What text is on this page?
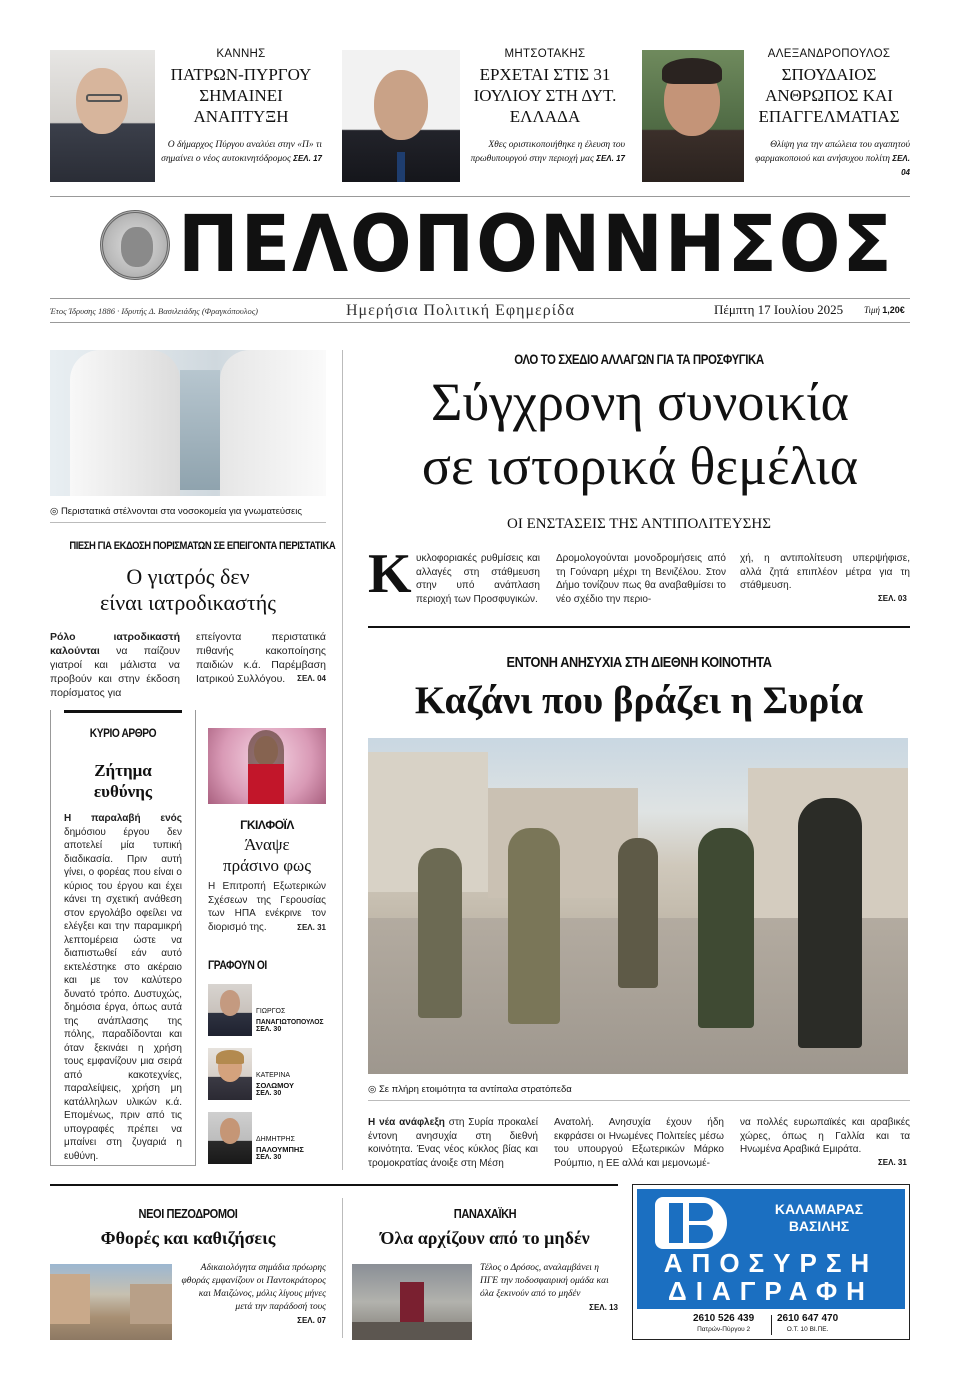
ΚΑΝΝΗΣ
ΠΑΤΡΩΝ-ΠΥΡΓΟΥ ΣΗΜΑΙΝΕΙ ΑΝΑΠΤΥΞΗ
Ο δήμαρχος Πύργου αναλύει στην «Π» τι σημαίνει ο νέος αυτοκινητόδρομος ΣΕΛ. 17
ΜΗΤΣΟΤΑΚΗΣ
ΕΡΧΕΤΑΙ ΣΤΙΣ 31 ΙΟΥΛΙΟΥ ΣΤΗ ΔΥΤ. ΕΛΛΑΔΑ
Χθες οριστικοποιήθηκε η έλευση του πρωθυπουργού στην περιοχή μας ΣΕΛ. 17
ΑΛΕΞΑΝΔΡΟΠΟΥΛΟΣ
ΣΠΟΥΔΑΙΟΣ ΑΝΘΡΩΠΟΣ ΚΑΙ ΕΠΑΓΓΕΛΜΑΤΙΑΣ
Θλίψη για την απώλεια του αγαπητού φαρμακοποιού και ανήσυχου πολίτη ΣΕΛ. 04
ΠΕΛΟΠΟΝΝΗΣΟΣ
Έτος Ίδρυσης 1886 · Ιδρυτής Δ. Βασιλειάδης (Φραγκόπουλος)	Ημερήσια Πολιτική Εφημερίδα	Πέμπτη 17 Ιουλίου 2025 Τιμή 1,20€
◎ Περιστατικά στέλνονται στα νοσοκομεία για γνωματεύσεις
ΠΙΕΣΗ ΓΙΑ ΕΚΔΟΣΗ ΠΟΡΙΣΜΑΤΩΝ ΣΕ ΕΠΕΙΓΟΝΤΑ ΠΕΡΙΣΤΑΤΙΚΑ
Ο γιατρός δεν
είναι ιατροδικαστής
Ρόλο ιατροδικαστή καλούνται να παίζουν γιατροί και μάλιστα να προβούν και στην έκδοση πορίσματος για
επείγοντα περιστατικά πιθανής κακοποίησης παιδιών κ.ά. Παρέμβαση Ιατρικού Συλλόγου. ΣΕΛ. 04
ΚΥΡΙΟ ΑΡΘΡΟ
Ζήτημα
ευθύνης
Η παραλαβή ενός δημόσιου έργου δεν αποτελεί μία τυπική διαδικασία. Πριν αυτή γίνει, ο φορέας που είναι ο κύριος του έργου και έχει κάνει τη σχετική ανάθεση στον εργολάβο οφείλει να ελέγξει και την παραμικρή λεπτομέρεια ώστε να διαπιστωθεί εάν αυτό εκτελέστηκε στο ακέραιο και με τον καλύτερο δυνατό τρόπο. Δυστυχώς, δημόσια έργα, όπως αυτά της ανάπλασης της πόλης, παραδίδονται και όταν ξεκινάει η χρήση τους εμφανίζουν μια σειρά από κακοτεχνίες, παραλείψεις, χρήση μη κατάλληλων υλικών κ.ά. Επομένως, πριν από τις υπογραφές πρέπει να μπαίνει στη ζυγαριά η ευθύνη.
ΓΚΙΛΦΟΪΛ
Άναψε
πράσινο φως
Η Επιτροπή Εξωτερικών Σχέσεων της Γερουσίας των ΗΠΑ ενέκρινε τον διορισμό της.	ΣΕΛ. 31
ΓΡΑΦΟΥΝ ΟΙ
ΓΙΩΡΓΟΣ
ΠΑΝΑΓΙΩΤΟΠΟΥΛΟΣ
ΣΕΛ. 30
ΚΑΤΕΡΙΝΑ
ΣΟΛΩΜΟΥ
ΣΕΛ. 30
ΔΗΜΗΤΡΗΣ
ΠΑΛΟΥΜΠΗΣ
ΣΕΛ. 30
ΟΛΟ ΤΟ ΣΧΕΔΙΟ ΑΛΛΑΓΩΝ ΓΙΑ ΤΑ ΠΡΟΣΦΥΓΙΚΑ
Σύγχρονη συνοικία
σε ιστορικά θεμέλια
ΟΙ ΕΝΣΤΑΣΕΙΣ ΤΗΣ ΑΝΤΙΠΟΛΙΤΕΥΣΗΣ
Κ υκλοφοριακές ρυθμίσεις και αλλαγές στη στάθμευση στην υπό ανάπλαση περιοχή των Προσφυγικών.
Δρομολογούνται μονοδρομήσεις από τη Γούναρη μέχρι τη Βενιζέλου. Στον Δήμο τονίζουν πως θα αναβαθμίσει το νέο σχέδιο την περιο-
χή, η αντιπολίτευση υπερψήφισε, αλλά ζητά επιπλέον μέτρα για τη στάθμευση.
ΣΕΛ. 03
ΕΝΤΟΝΗ ΑΝΗΣΥΧΙΑ ΣΤΗ ΔΙΕΘΝΗ ΚΟΙΝΟΤΗΤΑ
Καζάνι που βράζει η Συρία
◎ Σε πλήρη ετοιμότητα τα αντίπαλα στρατόπεδα
Η νέα ανάφλεξη στη Συρία προκαλεί έντονη ανησυχία στη διεθνή κοινότητα. Ένας νέος κύκλος βίας και τρομοκρατίας άνοιξε στη Μέση
Ανατολή. Ανησυχία έχουν ήδη εκφράσει οι Ηνωμένες Πολιτείες μέσω του υπουργού Εξωτερικών Μάρκο Ρούμπιο, η ΕΕ αλλά και μεμονωμέ-
να πολλές ευρωπαϊκές και αραβικές χώρες, όπως η Γαλλία και τα Ηνωμένα Αραβικά Εμιράτα.
ΣΕΛ. 31
ΝΕΟΙ ΠΕΖΟΔΡΟΜΟΙ
Φθορές και καθιζήσεις
Αδικαιολόγητα σημάδια πρόωρης φθοράς εμφανίζουν οι Παντοκράτορος και Μαιζώνος, μόλις λίγους μήνες μετά την παράδοσή τους
ΣΕΛ. 07
ΠΑΝΑΧΑΪΚΗ
Όλα αρχίζουν από το μηδέν
Τέλος ο Δρόσος, αναλαμβάνει η ΠΓΕ την ποδοσφαιρική ομάδα και όλα ξεκινούν από το μηδέν
ΣΕΛ. 13
ΚΑΛΑΜΑΡΑΣ
ΒΑΣΙΛΗΣ
ΑΠΟΣΥΡΣΗ
ΔΙΑΓΡΑΦΗ
2610 526 439
Πατρών-Πύργου 2
2610 647 470
Ο.Τ. 10 ΒΙ.ΠΕ.
